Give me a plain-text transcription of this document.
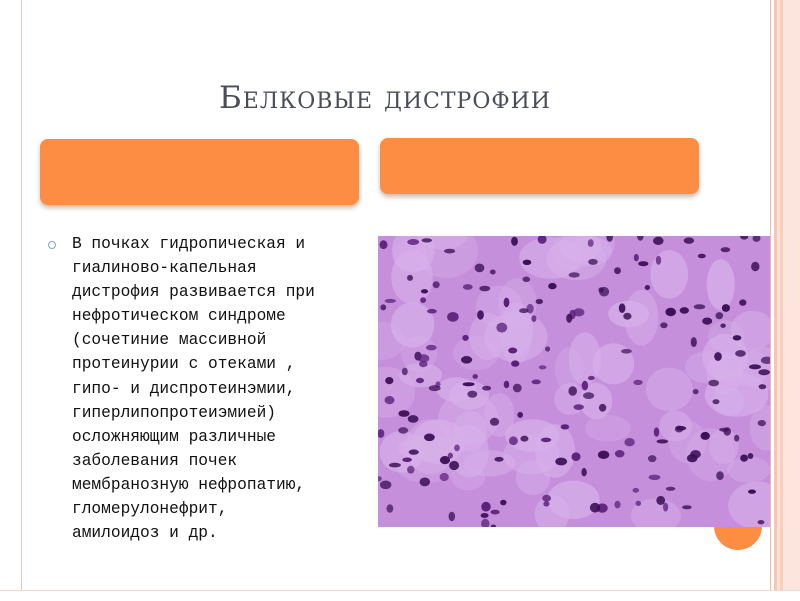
Белковые дистрофии
В почках гидропическая и
гиалиново-капельная
дистрофия развивается при
нефротическом синдроме
(сочетиние массивной
протеинурии с отеками ,
гипо- и диспротеинэмии,
гиперлипопротеиэмией)
осложняющим различные
заболевания почек
мембранозную нефропатию,
гломерулонефрит,
амилоидоз и др.
